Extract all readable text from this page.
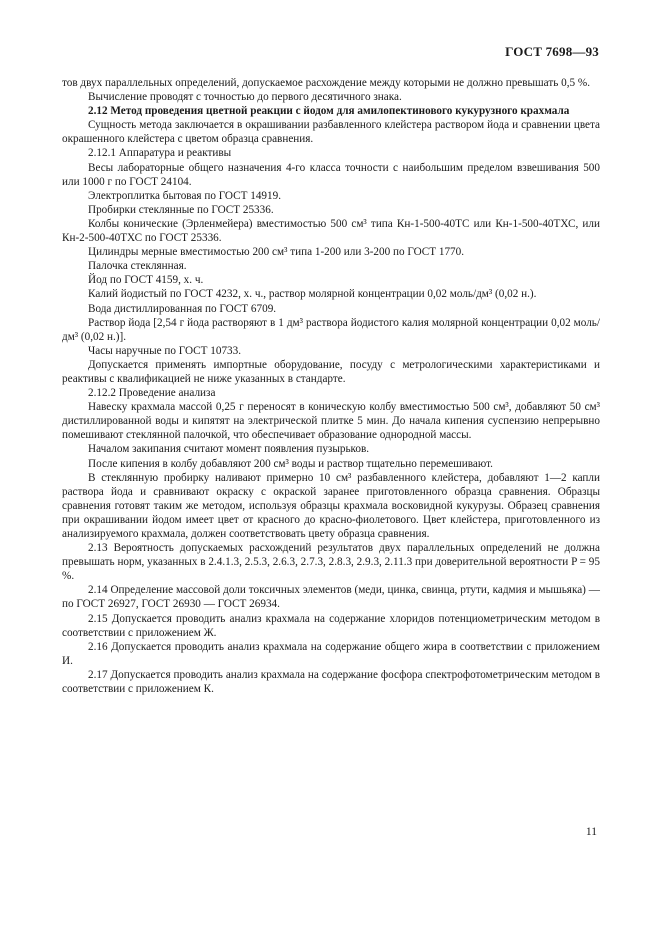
ГОСТ 7698—93

тов двух параллельных определений, допускаемое расхождение между которыми не должно превышать 0,5 %.

Вычисление проводят с точностью до первого десятичного знака.

2.12 Метод проведения цветной реакции с йодом для амилопектинового кукурузного крахмала

Сущность метода заключается в окрашивании разбавленного клейстера раствором йода и сравнении цвета окрашенного клейстера с цветом образца сравнения.

2.12.1 Аппаратура и реактивы

Весы лабораторные общего назначения 4-го класса точности с наибольшим пределом взвешивания 500 или 1000 г по ГОСТ 24104.

Электроплитка бытовая по ГОСТ 14919.

Пробирки стеклянные по ГОСТ 25336.

Колбы конические (Эрленмейера) вместимостью 500 см³ типа Кн-1-500-40ТС или Кн-1-500-40ТХС, или Кн-2-500-40ТХС по ГОСТ 25336.

Цилиндры мерные вместимостью 200 см³ типа 1-200 или 3-200 по ГОСТ 1770.

Палочка стеклянная.

Йод по ГОСТ 4159, х. ч.

Калий йодистый по ГОСТ 4232, х. ч., раствор молярной концентрации 0,02 моль/дм³ (0,02 н.).

Вода дистиллированная по ГОСТ 6709.

Раствор йода [2,54 г йода растворяют в 1 дм³ раствора йодистого калия молярной концентрации 0,02 моль/дм³ (0,02 н.)].

Часы наручные по ГОСТ 10733.

Допускается применять импортные оборудование, посуду с метрологическими характеристиками и реактивы с квалификацией не ниже указанных в стандарте.

2.12.2 Проведение анализа

Навеску крахмала массой 0,25 г переносят в коническую колбу вместимостью 500 см³, добавляют 50 см³ дистиллированной воды и кипятят на электрической плитке 5 мин. До начала кипения суспензию непрерывно помешивают стеклянной палочкой, что обеспечивает образование однородной массы.

Началом закипания считают момент появления пузырьков.

После кипения в колбу добавляют 200 см³ воды и раствор тщательно перемешивают.

В стеклянную пробирку наливают примерно 10 см³ разбавленного клейстера, добавляют 1—2 капли раствора йода и сравнивают окраску с окраской заранее приготовленного образца сравнения. Образцы сравнения готовят таким же методом, используя образцы крахмала восковидной кукурузы. Образец сравнения при окрашивании йодом имеет цвет от красного до красно-фиолетового. Цвет клейстера, приготовленного из анализируемого крахмала, должен соответствовать цвету образца сравнения.

2.13 Вероятность допускаемых расхождений результатов двух параллельных определений не должна превышать норм, указанных в 2.4.1.3, 2.5.3, 2.6.3, 2.7.3, 2.8.3, 2.9.3, 2.11.3 при доверительной вероятности P = 95 %.

2.14 Определение массовой доли токсичных элементов (меди, цинка, свинца, ртути, кадмия и мышьяка) — по ГОСТ 26927, ГОСТ 26930 — ГОСТ 26934.

2.15 Допускается проводить анализ крахмала на содержание хлоридов потенциометрическим методом в соответствии с приложением Ж.

2.16 Допускается проводить анализ крахмала на содержание общего жира в соответствии с приложением И.

2.17 Допускается проводить анализ крахмала на содержание фосфора спектрофотометрическим методом в соответствии с приложением К.

11
